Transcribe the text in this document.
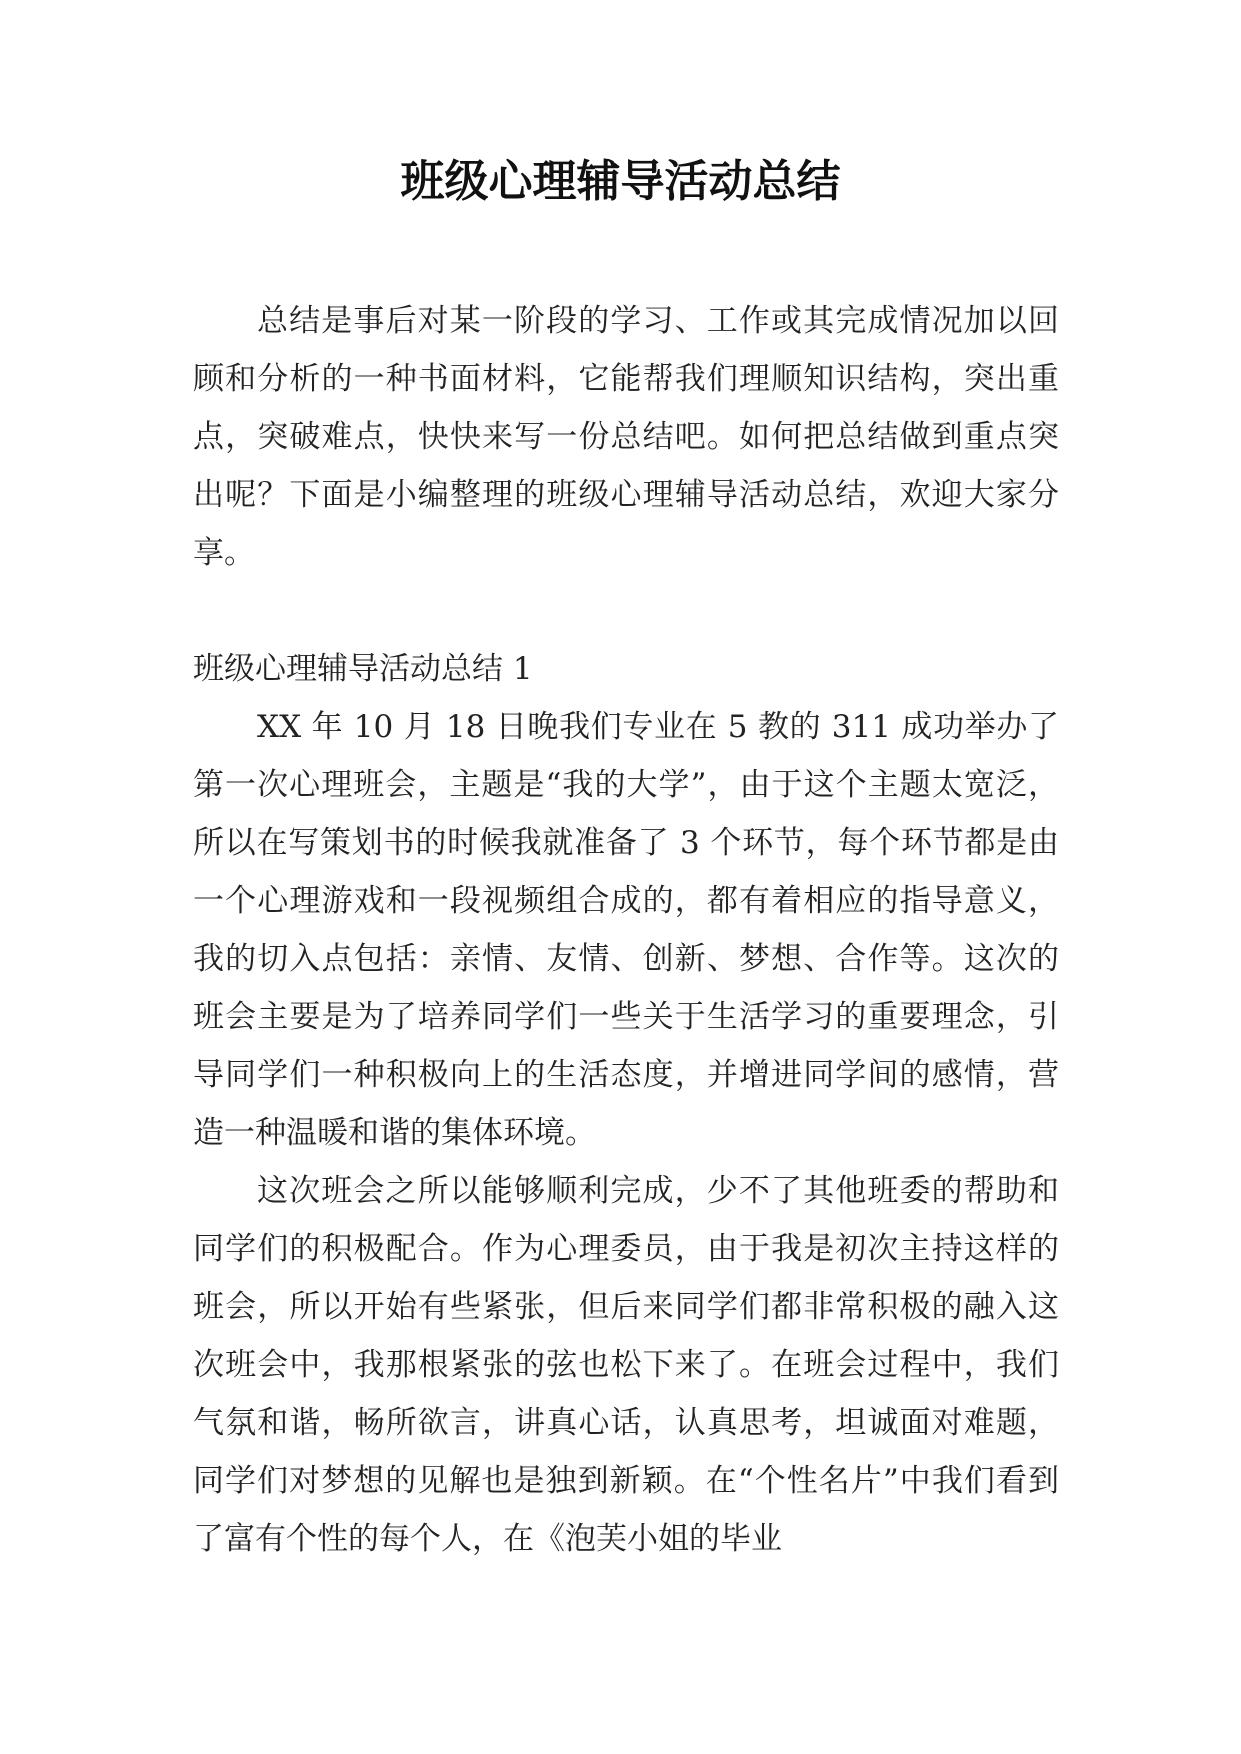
班级心理辅导活动总结

总结是事后对某一阶段的学习、工作或其完成情况加以回顾和分析的一种书面材料，它能帮我们理顺知识结构，突出重点，突破难点，快快来写一份总结吧。如何把总结做到重点突出呢？下面是小编整理的班级心理辅导活动总结，欢迎大家分享。

班级心理辅导活动总结 1

XX 年 10 月 18 日晚我们专业在 5 教的 311 成功举办了第一次心理班会，主题是“我的大学”，由于这个主题太宽泛，所以在写策划书的时候我就准备了 3 个环节，每个环节都是由一个心理游戏和一段视频组合成的，都有着相应的指导意义，我的切入点包括：亲情、友情、创新、梦想、合作等。这次的班会主要是为了培养同学们一些关于生活学习的重要理念，引导同学们一种积极向上的生活态度，并增进同学间的感情，营造一种温暖和谐的集体环境。

这次班会之所以能够顺利完成，少不了其他班委的帮助和同学们的积极配合。作为心理委员，由于我是初次主持这样的班会，所以开始有些紧张，但后来同学们都非常积极的融入这次班会中，我那根紧张的弦也松下来了。在班会过程中，我们气氛和谐，畅所欲言，讲真心话，认真思考，坦诚面对难题，同学们对梦想的见解也是独到新颖。在“个性名片”中我们看到了富有个性的每个人，在《泡芙小姐的毕业
